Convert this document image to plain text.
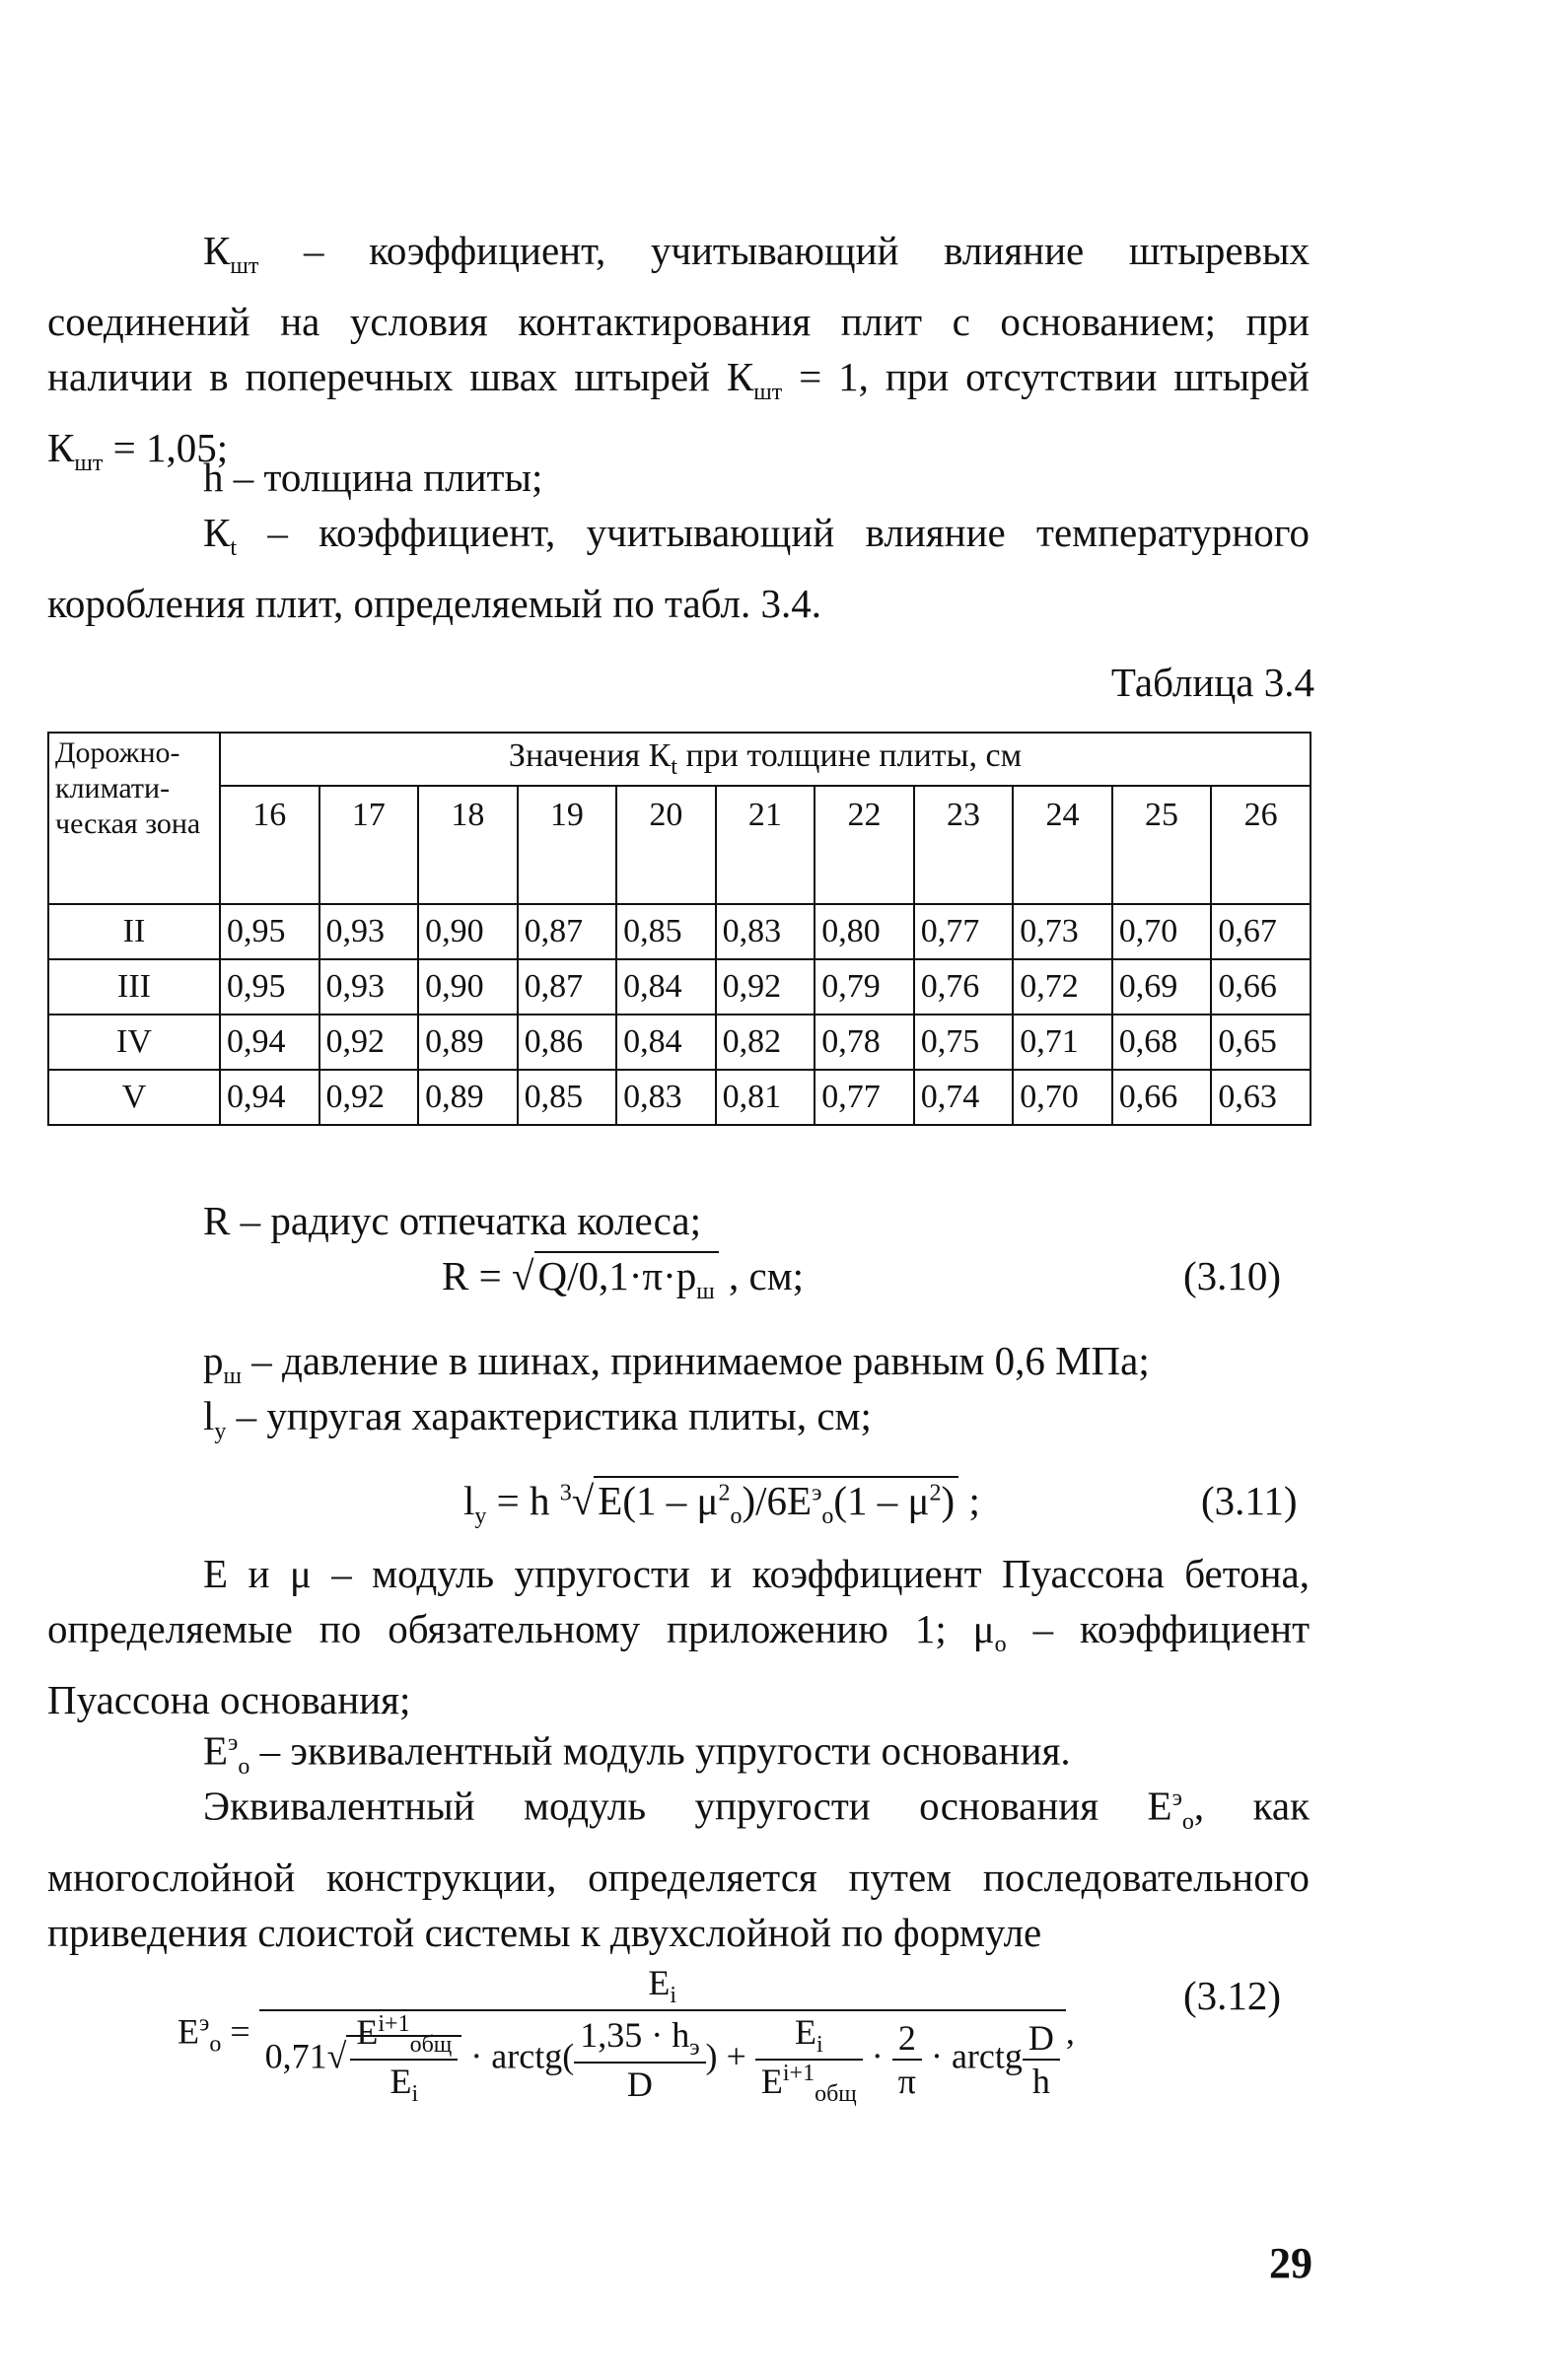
$К_{шт}$ – коэффициент, учитывающий влияние штыревых соединений на условия контактирования плит с основанием; при наличии в поперечных швах штырей $К_{шт} = 1$, при отсутствии штырей $К_{шт} = 1,05$;

h – толщина плиты;

$К_t$ – коэффициент, учитывающий влияние температурного коробления плит, определяемый по табл. 3.4.

Таблица 3.4
Дорожно-климати-ческая зона	Значения $К_t$ при толщине плиты, см										
	16	17	18	19	20	21	22	23	24	25	26
II	0,95	0,93	0,90	0,87	0,85	0,83	0,80	0,77	0,73	0,70	0,67
III	0,95	0,93	0,90	0,87	0,84	0,92	0,79	0,76	0,72	0,69	0,66
IV	0,94	0,92	0,89	0,86	0,84	0,82	0,78	0,75	0,71	0,68	0,65
V	0,94	0,92	0,89	0,85	0,83	0,81	0,77	0,74	0,70	0,66	0,63

R – радиус отпечатка колеса;

$R = √Q/0,1\cdot\pi\cdot p_ш$ , см;	(3.10)

$p_ш$ – давление в шинах, принимаемое равным 0,6 МПа;

$l_у$ – упругая характеристика плиты, см;

$l_у = h$ $^3√E(1 - \mu^2_o)/6E^э_o(1 - \mu^2)$ ;	(3.11)

E и μ – модуль упругости и коэффициент Пуассона бетона, определяемые по обязательному приложению 1; $\mu_o$ – коэффициент Пуассона основания;

$E^э_o$ – эквивалентный модуль упругости основания.

Эквивалентный модуль упругости основания $E^э_o$, как многослойной конструкции, определяется путем последовательного приведения слоистой системы к двухслойной по формуле

$E^э_o$ =
$E_i$
$0,71√ \frac{E^{i+1}_{общ}}{E_i}$ · arctg( $\frac{1,35 \cdot h_э}{D}$ ) + $\frac{E_i}{E^{i+1}_{общ}} \cdot \frac{2}{\pi}$ · arctg $\frac{D}{h}$ ,
(3.12)
29
